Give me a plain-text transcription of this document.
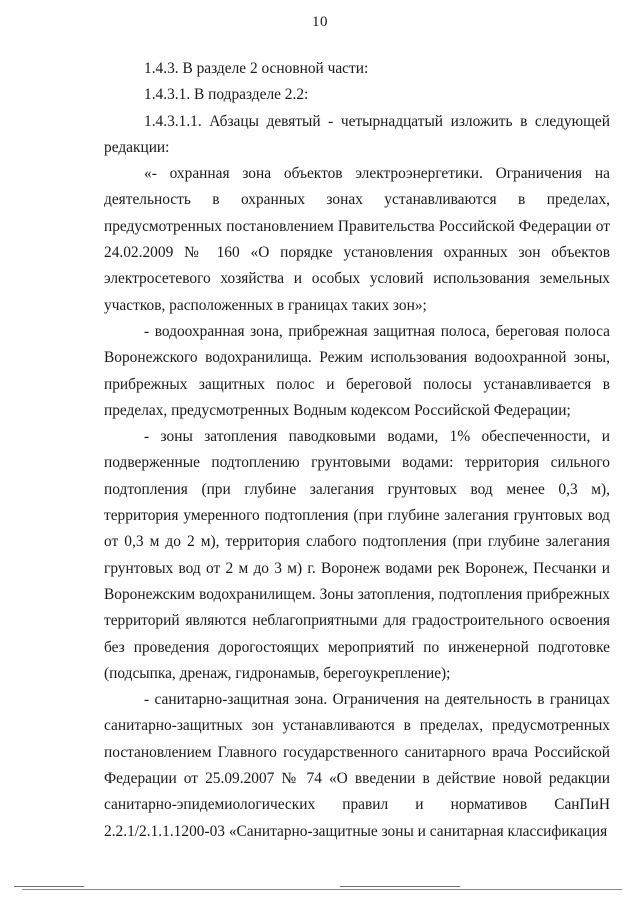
10

1.4.3. В разделе 2 основной части:

1.4.3.1. В подразделе 2.2:

1.4.3.1.1. Абзацы девятый - четырнадцатый изложить в следующей редакции:

«- охранная зона объектов электроэнергетики. Ограничения на деятельность в охранных зонах устанавливаются в пределах, предусмотренных постановлением Правительства Российской Федерации от 24.02.2009 № 160 «О порядке установления охранных зон объектов электросетевого хозяйства и особых условий использования земельных участков, расположенных в границах таких зон»;

- водоохранная зона, прибрежная защитная полоса, береговая полоса Воронежского водохранилища. Режим использования водоохранной зоны, прибрежных защитных полос и береговой полосы устанавливается в пределах, предусмотренных Водным кодексом Российской Федерации;

- зоны затопления паводковыми водами, 1% обеспеченности, и подверженные подтоплению грунтовыми водами: территория сильного подтопления (при глубине залегания грунтовых вод менее 0,3 м), территория умеренного подтопления (при глубине залегания грунтовых вод от 0,3 м до 2 м), территория слабого подтопления (при глубине залегания грунтовых вод от 2 м до 3 м) г. Воронеж водами рек Воронеж, Песчанки и Воронежским водохранилищем. Зоны затопления, подтопления прибрежных территорий являются неблагоприятными для градостроительного освоения без проведения дорогостоящих мероприятий по инженерной подготовке (подсыпка, дренаж, гидронамыв, берегоукрепление);

- санитарно-защитная зона. Ограничения на деятельность в границах санитарно-защитных зон устанавливаются в пределах, предусмотренных постановлением Главного государственного санитарного врача Российской Федерации от 25.09.2007 № 74 «О введении в действие новой редакции санитарно-эпидемиологических правил и нормативов СанПиН 2.2.1/2.1.1.1200-03 «Санитарно-защитные зоны и санитарная классификация
